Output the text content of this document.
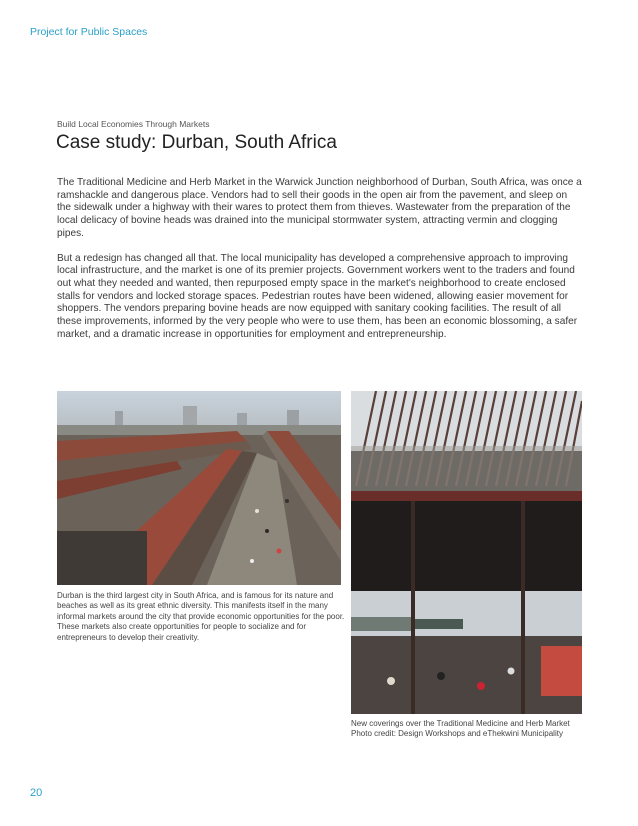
Project for Public Spaces
Build Local Economies Through Markets
Case study: Durban, South Africa

The Traditional Medicine and Herb Market in the Warwick Junction neighborhood of Durban, South Africa, was once a ramshackle and dangerous place. Vendors had to sell their goods in the open air from the pavement, and sleep on the sidewalk under a highway with their wares to protect them from thieves. Wastewater from the preparation of the local delicacy of bovine heads was drained into the municipal stormwater system, attracting vermin and clogging pipes.

But a redesign has changed all that. The local municipality has developed a comprehensive approach to improving local infrastructure, and the market is one of its premier projects. Government workers went to the traders and found out what they needed and wanted, then repurposed empty space in the market's neighborhood to create enclosed stalls for vendors and locked storage spaces. Pedestrian routes have been widened, allowing easier movement for shoppers. The vendors preparing bovine heads are now equipped with sanitary cooking facilities. The result of all these improvements, informed by the very people who were to use them, has been an economic blossoming, a safer market, and a dramatic increase in opportunities for employment and entrepreneurship.

Durban is the third largest city in South Africa, and is famous for its nature and beaches as well as its great ethnic diversity. This manifests itself in the many informal markets around the city that provide economic opportunities for the poor. These markets also create opportunities for people to socialize and for entrepreneurs to develop their creativity.
New coverings over the Traditional Medicine and Herb Market
Photo credit: Design Workshops and eThekwini Municipality
20
